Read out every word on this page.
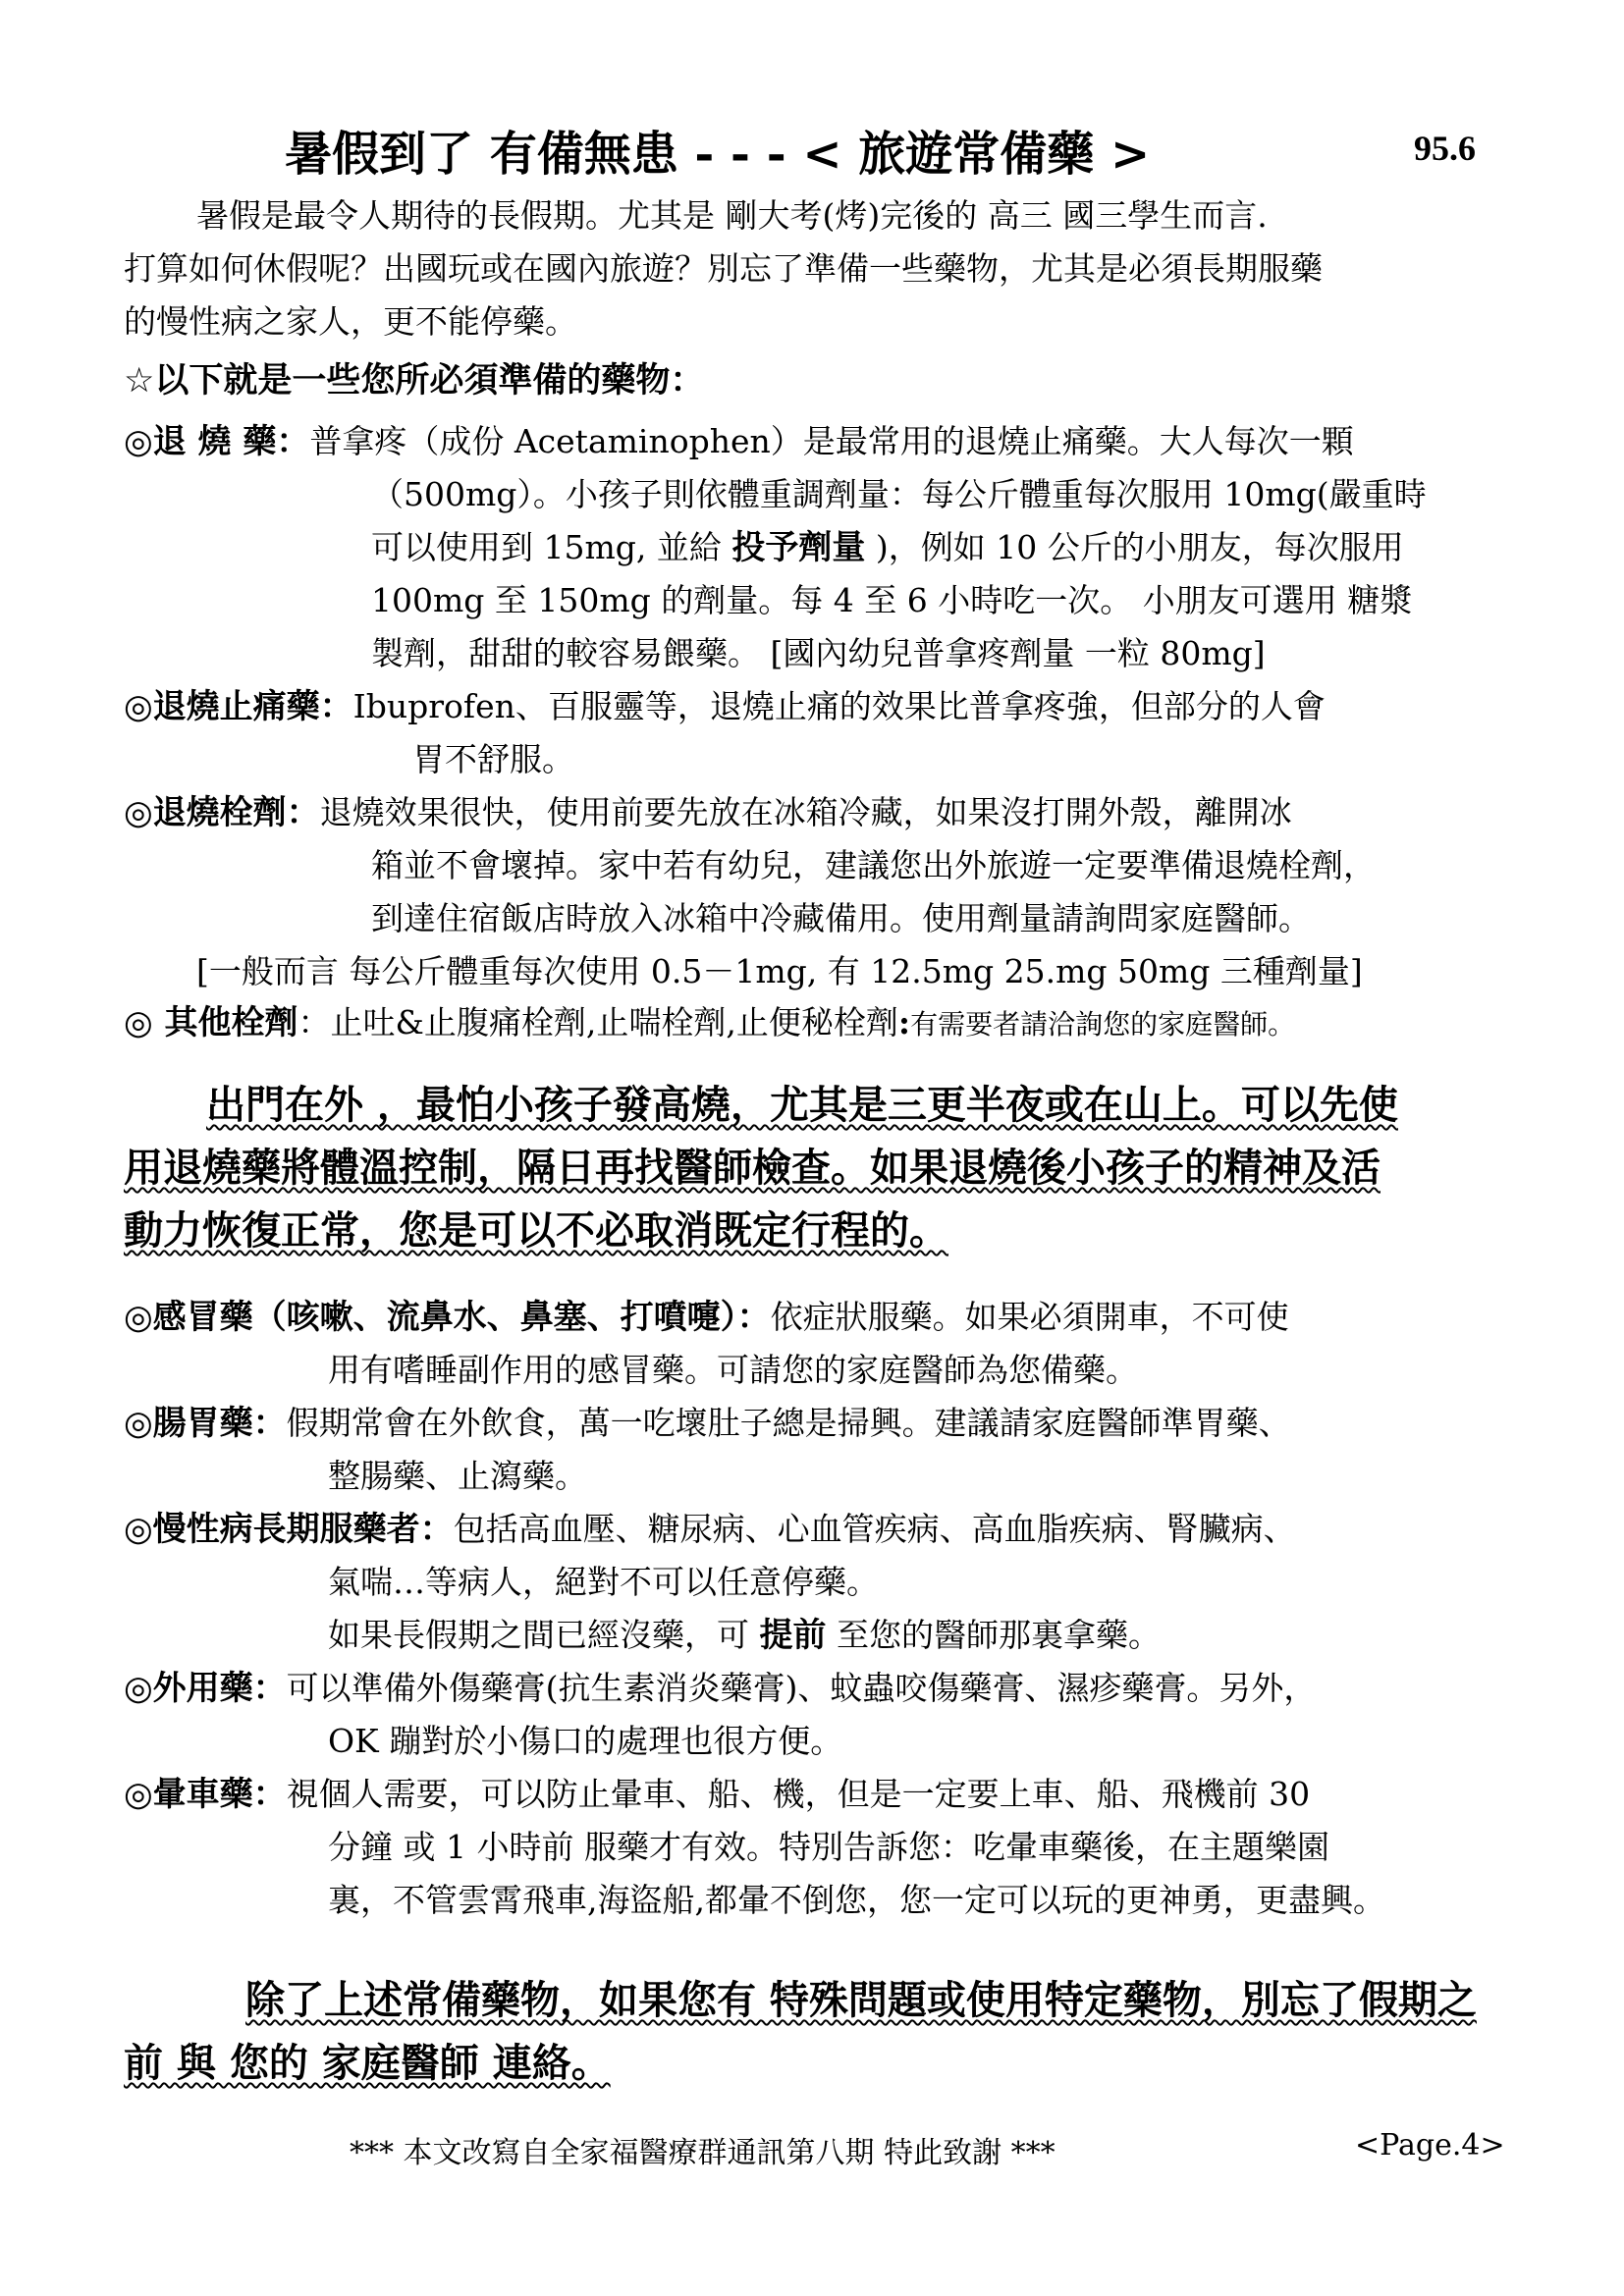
暑假到了 有備無患 - - - < 旅遊常備藥 >	95.6
暑假是最令人期待的長假期。尤其是 剛大考(烤)完後的 高三 國三學生而言.
打算如何休假呢？出國玩或在國內旅遊？別忘了準備一些藥物，尤其是必須長期服藥
的慢性病之家人，更不能停藥。
☆以下就是一些您所必須準備的藥物：
◎退 燒 藥：普拿疼（成份 Acetaminophen）是最常用的退燒止痛藥。大人每次一顆
（500mg）。小孩子則依體重調劑量：每公斤體重每次服用 10mg(嚴重時
可以使用到 15mg, 並給 投予劑量 )，例如 10 公斤的小朋友，每次服用
100mg 至 150mg 的劑量。每 4 至 6 小時吃一次。 小朋友可選用 糖漿
製劑，甜甜的較容易餵藥。 [國內幼兒普拿疼劑量 一粒 80mg]
◎退燒止痛藥：Ibuprofen、百服靈等，退燒止痛的效果比普拿疼強，但部分的人會
胃不舒服。
◎退燒栓劑：退燒效果很快，使用前要先放在冰箱冷藏，如果沒打開外殼，離開冰
箱並不會壞掉。家中若有幼兒，建議您出外旅遊一定要準備退燒栓劑，
到達住宿飯店時放入冰箱中冷藏備用。使用劑量請詢問家庭醫師。
[一般而言 每公斤體重每次使用 0.5－1mg, 有 12.5mg 25.mg 50mg 三種劑量]
◎ 其他栓劑：止吐&止腹痛栓劑,止喘栓劑,止便秘栓劑:有需要者請洽詢您的家庭醫師。
出門在外 ，最怕小孩子發高燒，尤其是三更半夜或在山上。可以先使
用退燒藥將體溫控制，隔日再找醫師檢查。如果退燒後小孩子的精神及活
動力恢復正常，您是可以不必取消既定行程的。
◎感冒藥（咳嗽、流鼻水、鼻塞、打噴嚏）：依症狀服藥。如果必須開車，不可使
用有嗜睡副作用的感冒藥。可請您的家庭醫師為您備藥。
◎腸胃藥：假期常會在外飲食，萬一吃壞肚子總是掃興。建議請家庭醫師準胃藥、
整腸藥、止瀉藥。
◎慢性病長期服藥者：包括高血壓、糖尿病、心血管疾病、高血脂疾病、腎臟病、
氣喘…等病人，絕對不可以任意停藥。
如果長假期之間已經沒藥，可 提前 至您的醫師那裏拿藥。
◎外用藥：可以準備外傷藥膏(抗生素消炎藥膏)、蚊蟲咬傷藥膏、濕疹藥膏。另外，
OK 蹦對於小傷口的處理也很方便。
◎暈車藥：視個人需要，可以防止暈車、船、機，但是一定要上車、船、飛機前 30
分鐘 或 1 小時前 服藥才有效。特別告訴您：吃暈車藥後，在主題樂園
裏，不管雲霄飛車,海盜船,都暈不倒您，您一定可以玩的更神勇，更盡興。
除了上述常備藥物，如果您有 特殊問題或使用特定藥物，別忘了假期之
前 與 您的 家庭醫師 連絡。
*** 本文改寫自全家福醫療群通訊第八期 特此致謝 ***	<Page.4>
